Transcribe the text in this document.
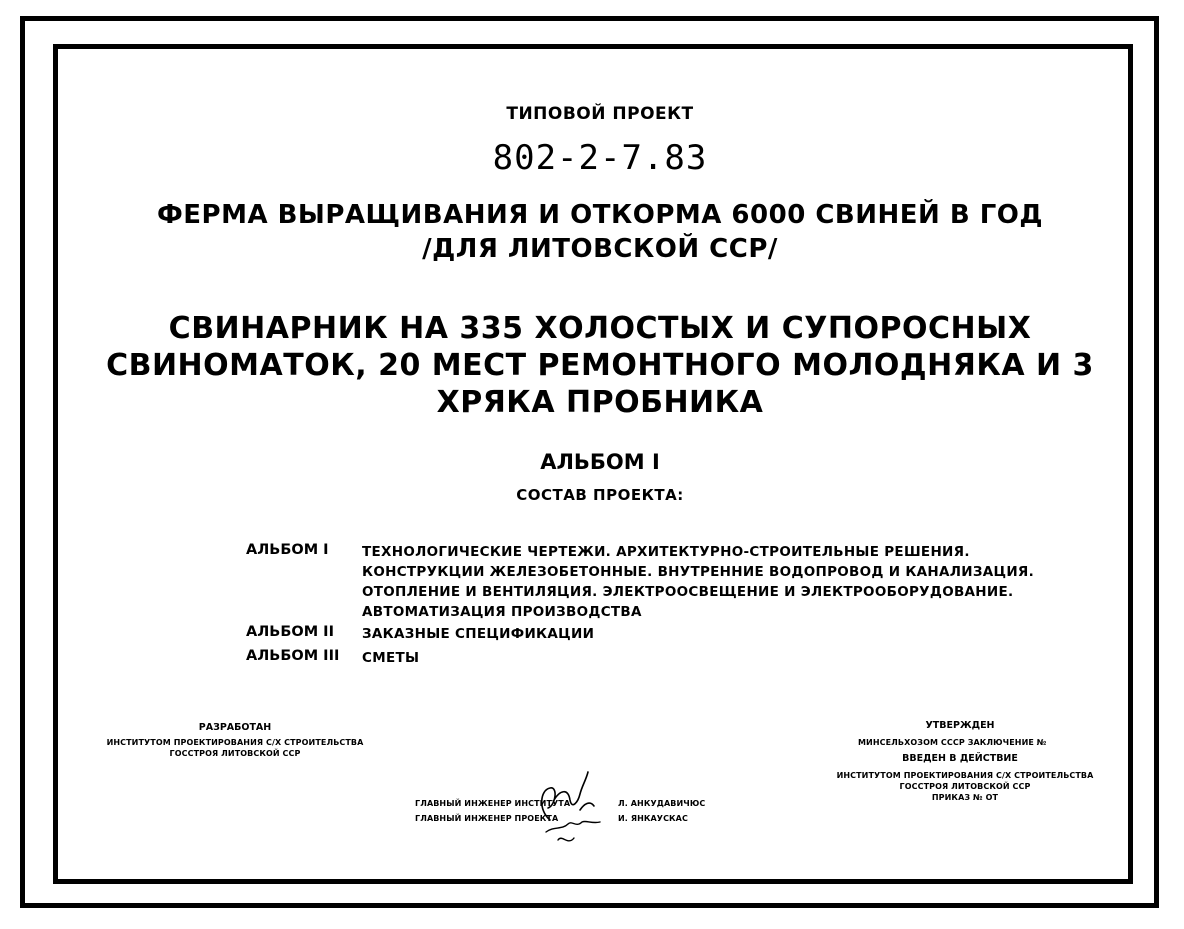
ТИПОВОЙ ПРОЕКТ
802-2-7.83
ФЕРМА ВЫРАЩИВАНИЯ И ОТКОРМА 6000 СВИНЕЙ В ГОД
/ДЛЯ ЛИТОВСКОЙ ССР/
СВИНАРНИК НА 335 ХОЛОСТЫХ И СУПОРОСНЫХ СВИНОМАТОК, 20 МЕСТ РЕМОНТНОГО МОЛОДНЯКА И 3 ХРЯКА ПРОБНИКА
АЛЬБОМ I
СОСТАВ ПРОЕКТА:
АЛЬБОМ I ТЕХНОЛОГИЧЕСКИЕ ЧЕРТЕЖИ. АРХИТЕКТУРНО-СТРОИТЕЛЬНЫЕ РЕШЕНИЯ.
КОНСТРУКЦИИ ЖЕЛЕЗОБЕТОННЫЕ. ВНУТРЕННИЕ ВОДОПРОВОД И КАНАЛИЗАЦИЯ.
ОТОПЛЕНИЕ И ВЕНТИЛЯЦИЯ. ЭЛЕКТРООСВЕЩЕНИЕ И ЭЛЕКТРООБОРУДОВАНИЕ.
АВТОМАТИЗАЦИЯ ПРОИЗВОДСТВА
АЛЬБОМ II ЗАКАЗНЫЕ СПЕЦИФИКАЦИИ
АЛЬБОМ III СМЕТЫ
РАЗРАБОТАН
ИНСТИТУТОМ ПРОЕКТИРОВАНИЯ С/Х СТРОИТЕЛЬСТВА
ГОССТРОЯ ЛИТОВСКОЙ ССР
УТВЕРЖДЕН
МИНСЕЛЬХОЗОМ СССР ЗАКЛЮЧЕНИЕ №
ВВЕДЕН В ДЕЙСТВИЕ
ИНСТИТУТОМ ПРОЕКТИРОВАНИЯ С/Х СТРОИТЕЛЬСТВА
ГОССТРОЯ ЛИТОВСКОЙ ССР
ПРИКАЗ № ОТ
ГЛАВНЫЙ ИНЖЕНЕР ИНСТИТУТА	Л. АНКУДАВИЧЮС
ГЛАВНЫЙ ИНЖЕНЕР ПРОЕКТА	И. ЯНКАУСКАС
